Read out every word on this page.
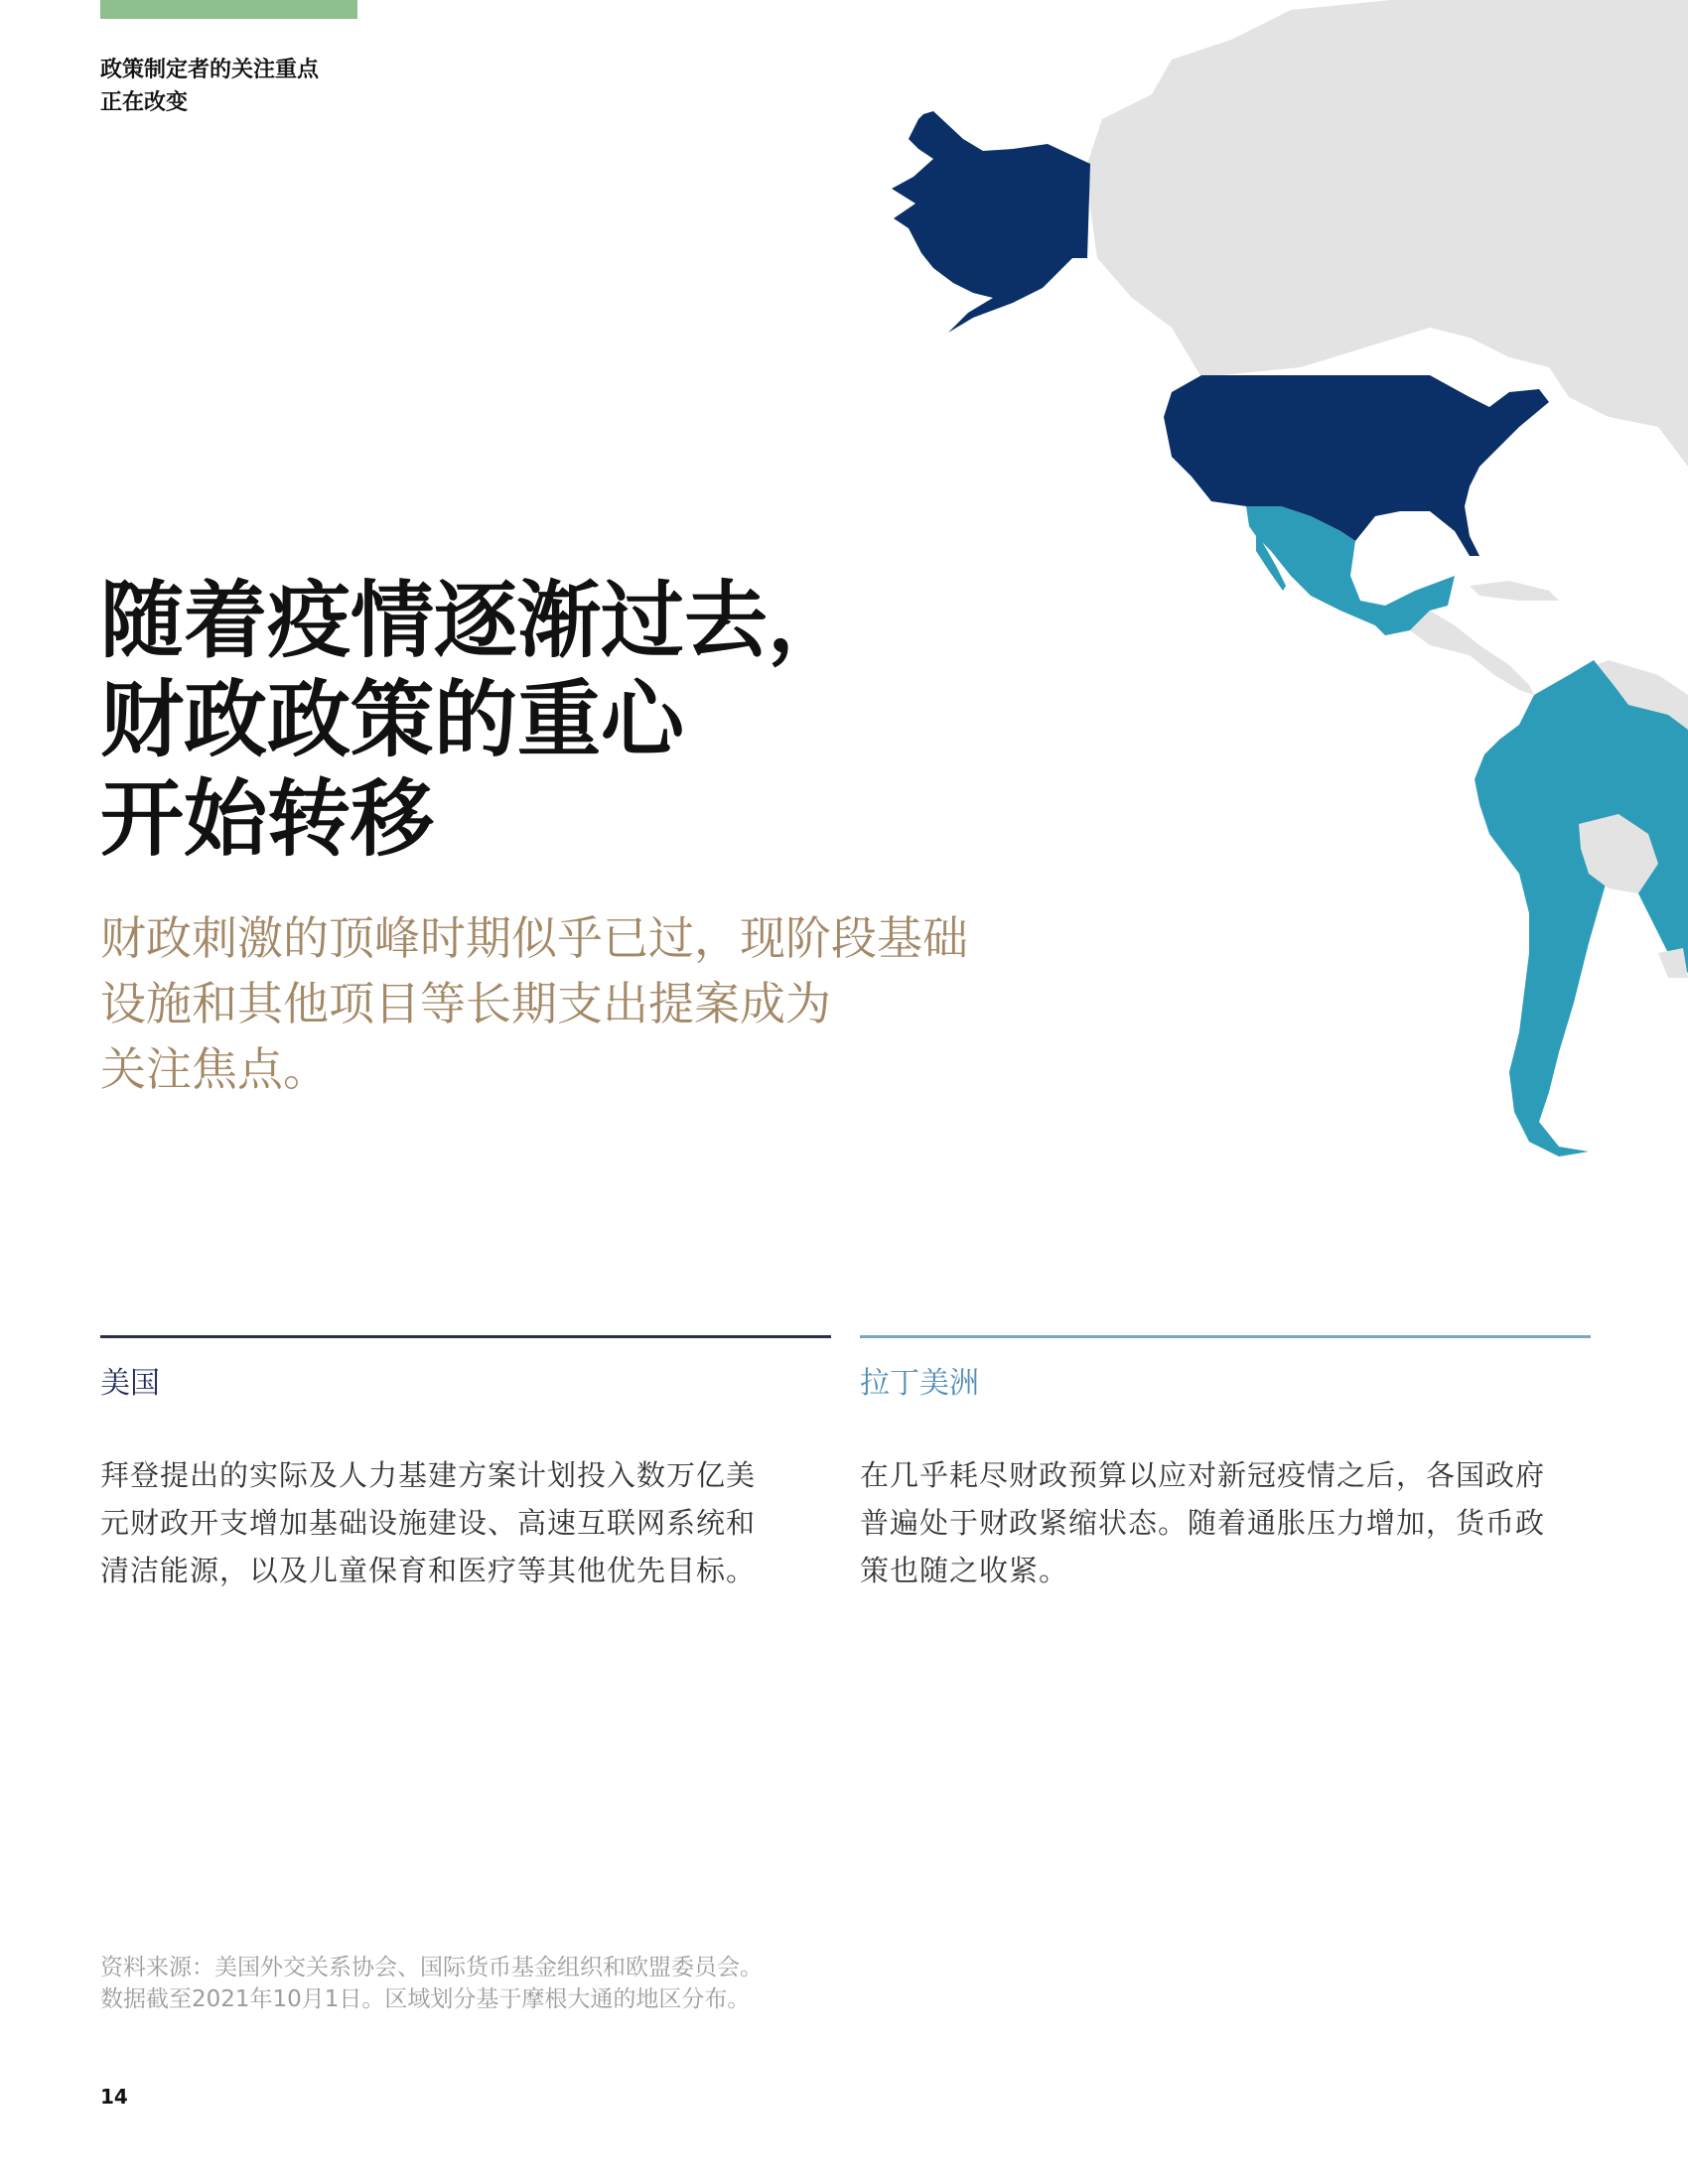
政策制定者的关注重点
正在改变
随着疫情逐渐过去，
财政政策的重心
开始转移
财政刺激的顶峰时期似乎已过，现阶段基础
设施和其他项目等长期支出提案成为
关注焦点。
美国
拜登提出的实际及人力基建方案计划投入数万亿美
元财政开支增加基础设施建设、高速互联网系统和
清洁能源，以及儿童保育和医疗等其他优先目标。
拉丁美洲
在几乎耗尽财政预算以应对新冠疫情之后，各国政府
普遍处于财政紧缩状态。随着通胀压力增加，货币政
策也随之收紧。
资料来源：美国外交关系协会、国际货币基金组织和欧盟委员会。
数据截至2021年10月1日。区域划分基于摩根大通的地区分布。
14
